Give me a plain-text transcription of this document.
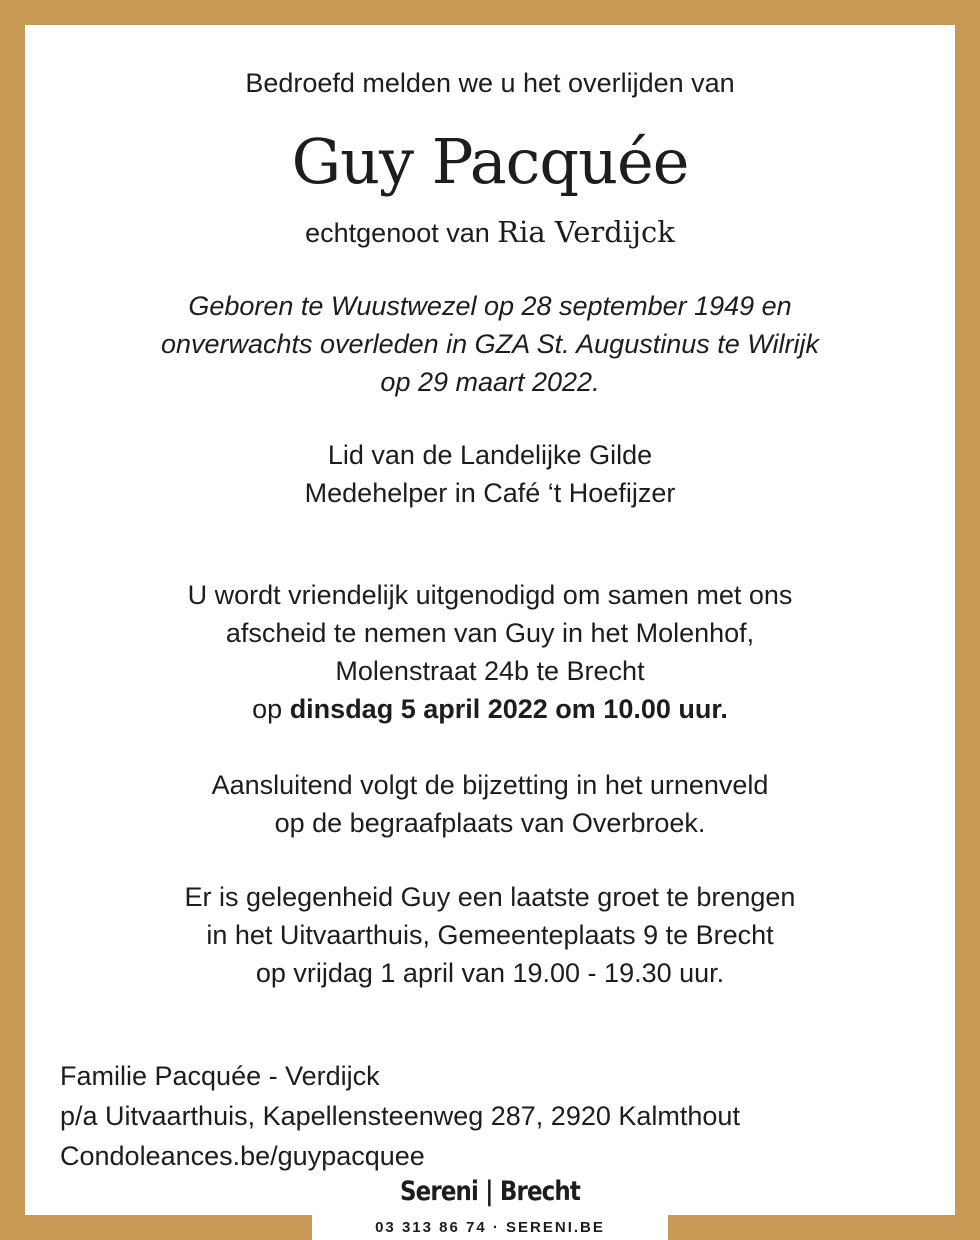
Bedroefd melden we u het overlijden van
Guy Pacquée
echtgenoot van Ria Verdijck
Geboren te Wuustwezel op 28 september 1949 en
onverwachts overleden in GZA St. Augustinus te Wilrijk
op 29 maart 2022.
Lid van de Landelijke Gilde
Medehelper in Café ‘t Hoefijzer
U wordt vriendelijk uitgenodigd om samen met ons
afscheid te nemen van Guy in het Molenhof,
Molenstraat 24b te Brecht
op dinsdag 5 april 2022 om 10.00 uur.
Aansluitend volgt de bijzetting in het urnenveld
op de begraafplaats van Overbroek.
Er is gelegenheid Guy een laatste groet te brengen
in het Uitvaarthuis, Gemeenteplaats 9 te Brecht
op vrijdag 1 april van 19.00 - 19.30 uur.
Familie Pacquée - Verdijck
p/a Uitvaarthuis, Kapellensteenweg 287, 2920 Kalmthout
Condoleances.be/guypacquee
Sereni | Brecht
03 313 86 74 · SERENI.BE
